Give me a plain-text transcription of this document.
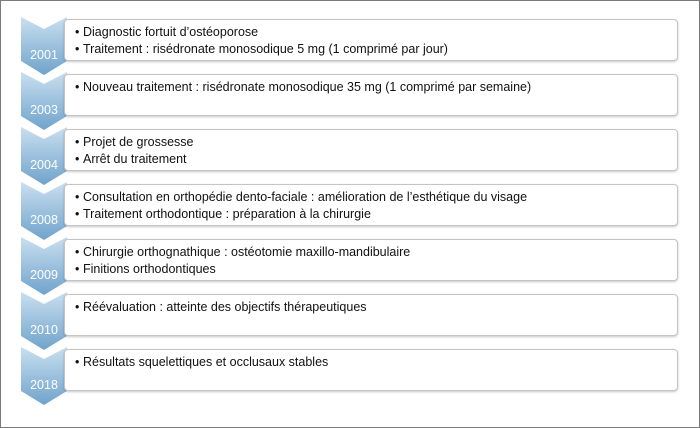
2001
• Diagnostic fortuit d’ostéoporose
• Traitement : risédronate monosodique 5 mg (1 comprimé par jour)
2003
• Nouveau traitement : risédronate monosodique 35 mg (1 comprimé par semaine)
2004
• Projet de grossesse
• Arrêt du traitement
2008
• Consultation en orthopédie dento-faciale : amélioration de l’esthétique du visage
• Traitement orthodontique : préparation à la chirurgie
2009
• Chirurgie orthognathique : ostéotomie maxillo-mandibulaire
• Finitions orthodontiques
2010
• Réévaluation : atteinte des objectifs thérapeutiques
2018
• Résultats squelettiques et occlusaux stables
